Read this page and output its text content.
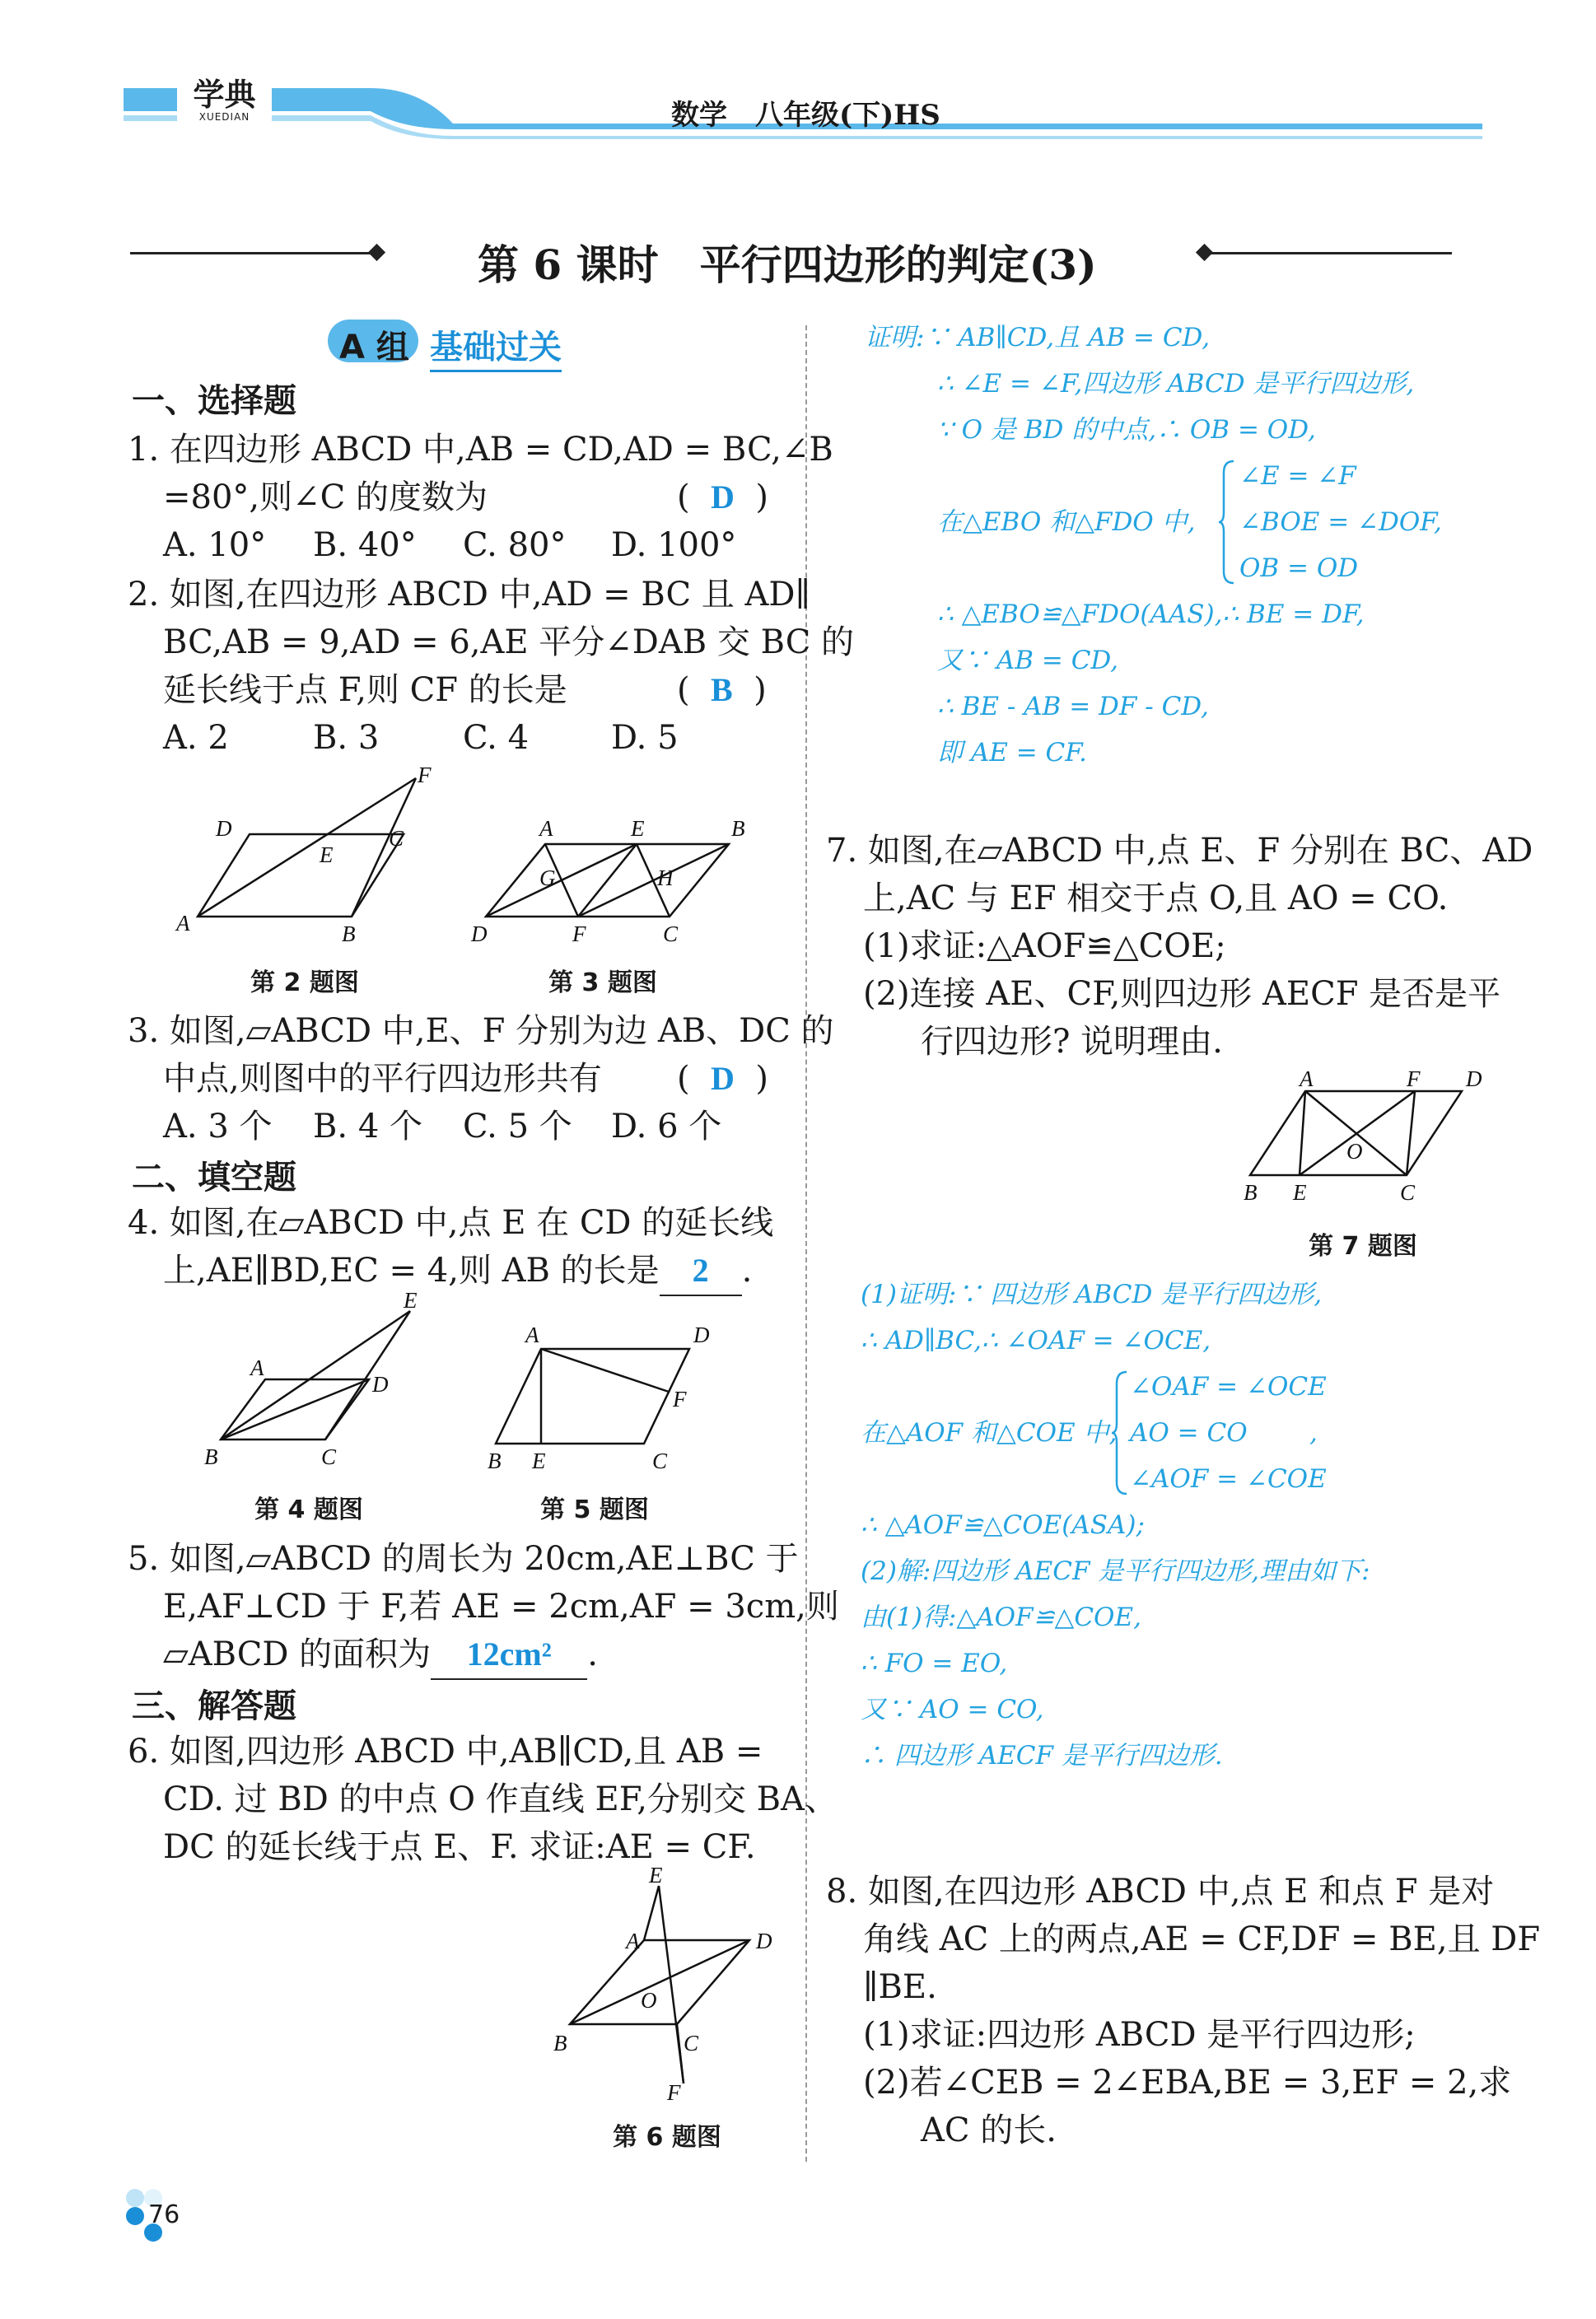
学典
XUEDIAN	数学　八年级(下)HS
第 6 课时　平行四边形的判定(3)
A 组 基础过关
一、选择题
1. 在四边形 ABCD 中,AB = CD,AD = BC,∠B
=80°,则∠C 的度数为	(  D  )
A. 10° B. 40° C. 80° D. 100°
2. 如图,在四边形 ABCD 中,AD = BC 且 AD∥
BC,AB = 9,AD = 6,AE 平分∠DAB 交 BC 的
延长线于点 F,则 CF 的长是	(  B  )
A. 2	B. 3	C. 4 D. 5
A	B
C
D
E
F
第 2 题图
A	B
C
D
E
F
G	H
第 3 题图
3. 如图,▱ABCD 中,E、F 分别为边 AB、DC 的
中点,则图中的平行四边形共有 (  D  )
A. 3 个 B. 4 个 C. 5 个 D. 6 个
二、填空题
4. 如图,在▱ABCD 中,点 E 在 CD 的延长线
上,AE∥BD,EC = 4,则 AB 的长是 2 .
A
B	C
D
E
第 4 题图
A
B	C
D
E
F
第 5 题图
5. 如图,▱ABCD 的周长为 20cm,AE⊥BC 于
E,AF⊥CD 于 F,若 AE = 2cm,AF = 3cm,则
▱ABCD 的面积为 12cm² .
三、解答题
6. 如图,四边形 ABCD 中,AB∥CD,且 AB =
CD. 过 BD 的中点 O 作直线 EF,分别交 BA、
DC 的延长线于点 E、F. 求证:AE = CF.
A
B	C
D
E
F
O
第 6 题图
证明:∵ AB∥CD,且 AB = CD,
∴ ∠E = ∠F,四边形 ABCD 是平行四边形,
∵ O 是 BD 的中点,∴ OB = OD,
在△EBO 和△FDO 中,
∠E = ∠F
∠BOE = ∠DOF,
OB = OD
∴ △EBO≌△FDO(AAS),∴ BE = DF,
又∵ AB = CD,
∴ BE - AB = DF - CD,
即 AE = CF.
7. 如图,在▱ABCD 中,点 E、F 分别在 BC、AD
上,AC 与 EF 相交于点 O,且 AO = CO.
(1)求证:△AOF≌△COE;
(2)连接 AE、CF,则四边形 AECF 是否是平
行四边形? 说明理由.
A
B	C
D
E
F
O
第 7 题图
(1)证明:∵ 四边形 ABCD 是平行四边形,
∴ AD∥BC,∴ ∠OAF = ∠OCE,
在△AOF 和△COE 中,
∠OAF = ∠OCE
AO = CO
∠AOF = ∠COE
,
∴ △AOF≌△COE(ASA);
(2)解:四边形 AECF 是平行四边形,理由如下:
由(1)得:△AOF≌△COE,
∴ FO = EO,
又∵ AO = CO,
∴ 四边形 AECF 是平行四边形.
8. 如图,在四边形 ABCD 中,点 E 和点 F 是对
角线 AC 上的两点,AE = CF,DF = BE,且 DF
∥BE.
(1)求证:四边形 ABCD 是平行四边形;
(2)若∠CEB = 2∠EBA,BE = 3,EF = 2,求
AC 的长.
76
